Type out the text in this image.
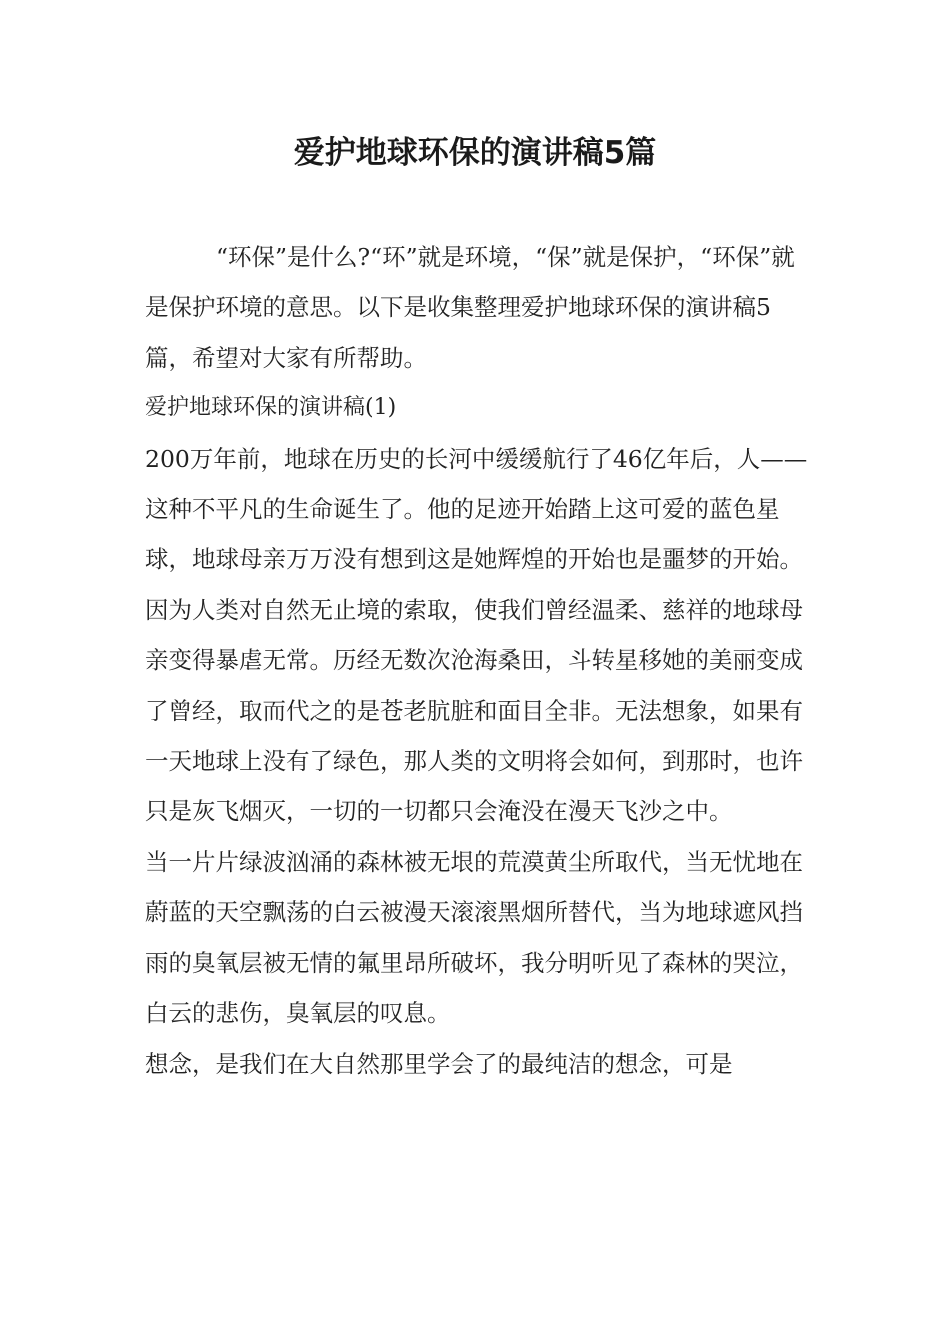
爱护地球环保的演讲稿5篇

“环保”是什么?“环”就是环境，“保”就是保护，“环保”就是保护环境的意思。以下是收集整理爱护地球环保的演讲稿5篇，希望对大家有所帮助。

爱护地球环保的演讲稿(1)

200万年前，地球在历史的长河中缓缓航行了46亿年后，人——这种不平凡的生命诞生了。他的足迹开始踏上这可爱的蓝色星球，地球母亲万万没有想到这是她辉煌的开始也是噩梦的开始。

因为人类对自然无止境的索取，使我们曾经温柔、慈祥的地球母亲变得暴虐无常。历经无数次沧海桑田，斗转星移她的美丽变成了曾经，取而代之的是苍老肮脏和面目全非。无法想象，如果有一天地球上没有了绿色，那人类的文明将会如何，到那时，也许只是灰飞烟灭，一切的一切都只会淹没在漫天飞沙之中。

当一片片绿波汹涌的森林被无垠的荒漠黄尘所取代，当无忧地在蔚蓝的天空飘荡的白云被漫天滚滚黑烟所替代，当为地球遮风挡雨的臭氧层被无情的氟里昂所破坏，我分明听见了森林的哭泣，白云的悲伤，臭氧层的叹息。

想念，是我们在大自然那里学会了的最纯洁的想念，可是
